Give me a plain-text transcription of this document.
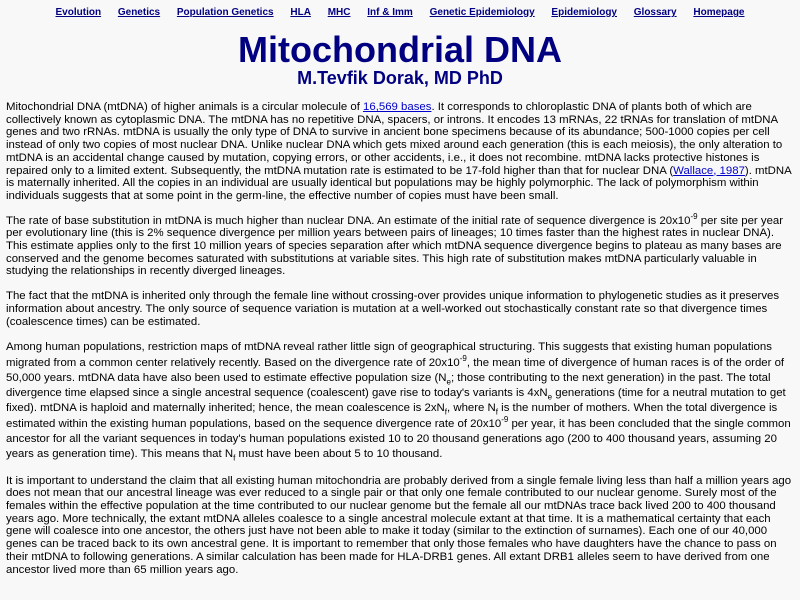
Evolution Genetics Population Genetics HLA MHC Inf & Imm Genetic Epidemiology Epidemiology Glossary Homepage
Mitochondrial DNA
M.Tevfik Dorak, MD PhD

Mitochondrial DNA (mtDNA) of higher animals is a circular molecule of 16,569 bases. It corresponds to chloroplastic DNA of plants both of which are collectively known as cytoplasmic DNA. The mtDNA has no repetitive DNA, spacers, or introns. It encodes 13 mRNAs, 22 tRNAs for translation of mtDNA genes and two rRNAs. mtDNA is usually the only type of DNA to survive in ancient bone specimens because of its abundance; 500-1000 copies per cell instead of only two copies of most nuclear DNA. Unlike nuclear DNA which gets mixed around each generation (this is each meiosis), the only alteration to mtDNA is an accidental change caused by mutation, copying errors, or other accidents, i.e., it does not recombine. mtDNA lacks protective histones is repaired only to a limited extent. Subsequently, the mtDNA mutation rate is estimated to be 17-fold higher than that for nuclear DNA (Wallace, 1987). mtDNA is maternally inherited. All the copies in an individual are usually identical but populations may be highly polymorphic. The lack of polymorphism within individuals suggests that at some point in the germ-line, the effective number of copies must have been small.

The rate of base substitution in mtDNA is much higher than nuclear DNA. An estimate of the initial rate of sequence divergence is $20x10^{-9}$ per site per year per evolutionary line (this is 2% sequence divergence per million years between pairs of lineages; 10 times faster than the highest rates in nuclear DNA). This estimate applies only to the first 10 million years of species separation after which mtDNA sequence divergence begins to plateau as many bases are conserved and the genome becomes saturated with substitutions at variable sites. This high rate of substitution makes mtDNA particularly valuable in studying the relationships in recently diverged lineages.

The fact that the mtDNA is inherited only through the female line without crossing-over provides unique information to phylogenetic studies as it preserves information about ancestry. The only source of sequence variation is mutation at a well-worked out stochastically constant rate so that divergence times (coalescence times) can be estimated.

Among human populations, restriction maps of mtDNA reveal rather little sign of geographical structuring. This suggests that existing human populations migrated from a common center relatively recently. Based on the divergence rate of $20x10^{-9}$, the mean time of divergence of human races is of the order of 50,000 years. mtDNA data have also been used to estimate effective population size ($N_e$; those contributing to the next generation) in the past. The total divergence time elapsed since a single ancestral sequence (coalescent) gave rise to today's variants is $4xN_e$ generations (time for a neutral mutation to get fixed). mtDNA is haploid and maternally inherited; hence, the mean coalescence is $2xN_f$, where $N_f$ is the number of mothers. When the total divergence is estimated within the existing human populations, based on the sequence divergence rate of $20x10^{-9}$ per year, it has been concluded that the single common ancestor for all the variant sequences in today's human populations existed 10 to 20 thousand generations ago (200 to 400 thousand years, assuming 20 years as generation time). This means that $N_f$ must have been about 5 to 10 thousand.

It is important to understand the claim that all existing human mitochondria are probably derived from a single female living less than half a million years ago does not mean that our ancestral lineage was ever reduced to a single pair or that only one female contributed to our nuclear genome. Surely most of the females within the effective population at the time contributed to our nuclear genome but the female all our mtDNAs trace back lived 200 to 400 thousand years ago. More technically, the extant mtDNA alleles coalesce to a single ancestral molecule extant at that time. It is a mathematical certainty that each gene will coalesce into one ancestor, the others just have not been able to make it today (similar to the extinction of surnames). Each one of our 40,000 genes can be traced back to its own ancestral gene. It is important to remember that only those females who have daughters have the chance to pass on their mtDNA to following generations. A similar calculation has been made for HLA-DRB1 genes. All extant DRB1 alleles seem to have derived from one ancestor lived more than 65 million years ago.
